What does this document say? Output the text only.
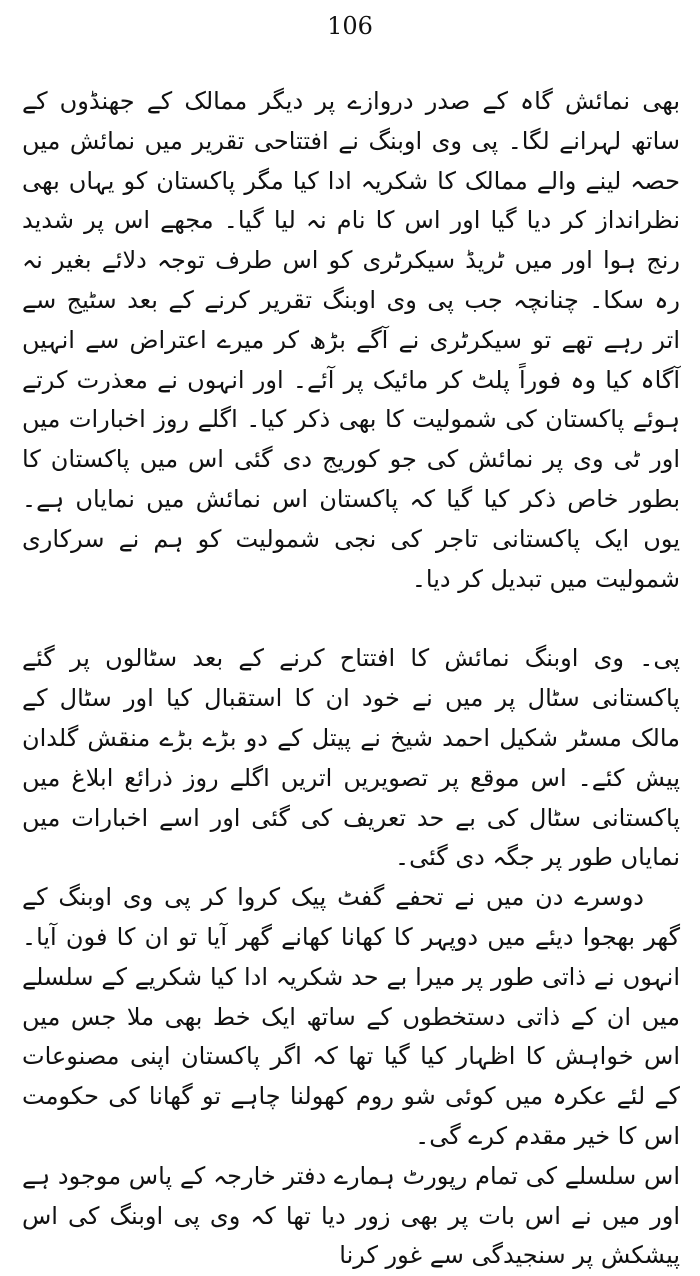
106

بھی نمائش گاہ کے صدر دروازے پر دیگر ممالک کے جھنڈوں کے ساتھ لہرانے لگا۔ پی وی اوبنگ نے افتتاحی تقریر میں نمائش میں حصہ لینے والے ممالک کا شکریہ ادا کیا مگر پاکستان کو یہاں بھی نظرانداز کر دیا گیا اور اس کا نام نہ لیا گیا۔ مجھے اس پر شدید رنج ہوا اور میں ٹریڈ سیکرٹری کو اس طرف توجہ دلائے بغیر نہ رہ سکا۔ چنانچہ جب پی وی اوبنگ تقریر کرنے کے بعد سٹیج سے اتر رہے تھے تو سیکرٹری نے آگے بڑھ کر میرے اعتراض سے انہیں آگاہ کیا وہ فوراً پلٹ کر مائیک پر آئے۔ اور انہوں نے معذرت کرتے ہوئے پاکستان کی شمولیت کا بھی ذکر کیا۔ اگلے روز اخبارات میں اور ٹی وی پر نمائش کی جو کوریج دی گئی اس میں پاکستان کا بطور خاص ذکر کیا گیا کہ پاکستان اس نمائش میں نمایاں ہے۔ یوں ایک پاکستانی تاجر کی نجی شمولیت کو ہم نے سرکاری شمولیت میں تبدیل کر دیا۔

پی۔ وی اوبنگ نمائش کا افتتاح کرنے کے بعد سٹالوں پر گئے پاکستانی سٹال پر میں نے خود ان کا استقبال کیا اور سٹال کے مالک مسٹر شکیل احمد شیخ نے پیتل کے دو بڑے بڑے منقش گلدان پیش کئے۔ اس موقع پر تصویریں اتریں اگلے روز ذرائع ابلاغ میں پاکستانی سٹال کی بے حد تعریف کی گئی اور اسے اخبارات میں نمایاں طور پر جگہ دی گئی۔

دوسرے دن میں نے تحفے گفٹ پیک کروا کر پی وی اوبنگ کے گھر بھجوا دیئے میں دوپہر کا کھانا کھانے گھر آیا تو ان کا فون آیا۔ انہوں نے ذاتی طور پر میرا بے حد شکریہ ادا کیا شکریے کے سلسلے میں ان کے ذاتی دستخطوں کے ساتھ ایک خط بھی ملا جس میں اس خواہش کا اظہار کیا گیا تھا کہ اگر پاکستان اپنی مصنوعات کے لئے عکرہ میں کوئی شو روم کھولنا چاہے تو گھانا کی حکومت اس کا خیر مقدم کرے گی۔

اس سلسلے کی تمام رپورٹ ہمارے دفتر خارجہ کے پاس موجود ہے اور میں نے اس بات پر بھی زور دیا تھا کہ وی پی اوبنگ کی اس پیشکش پر سنجیدگی سے غور کرنا
